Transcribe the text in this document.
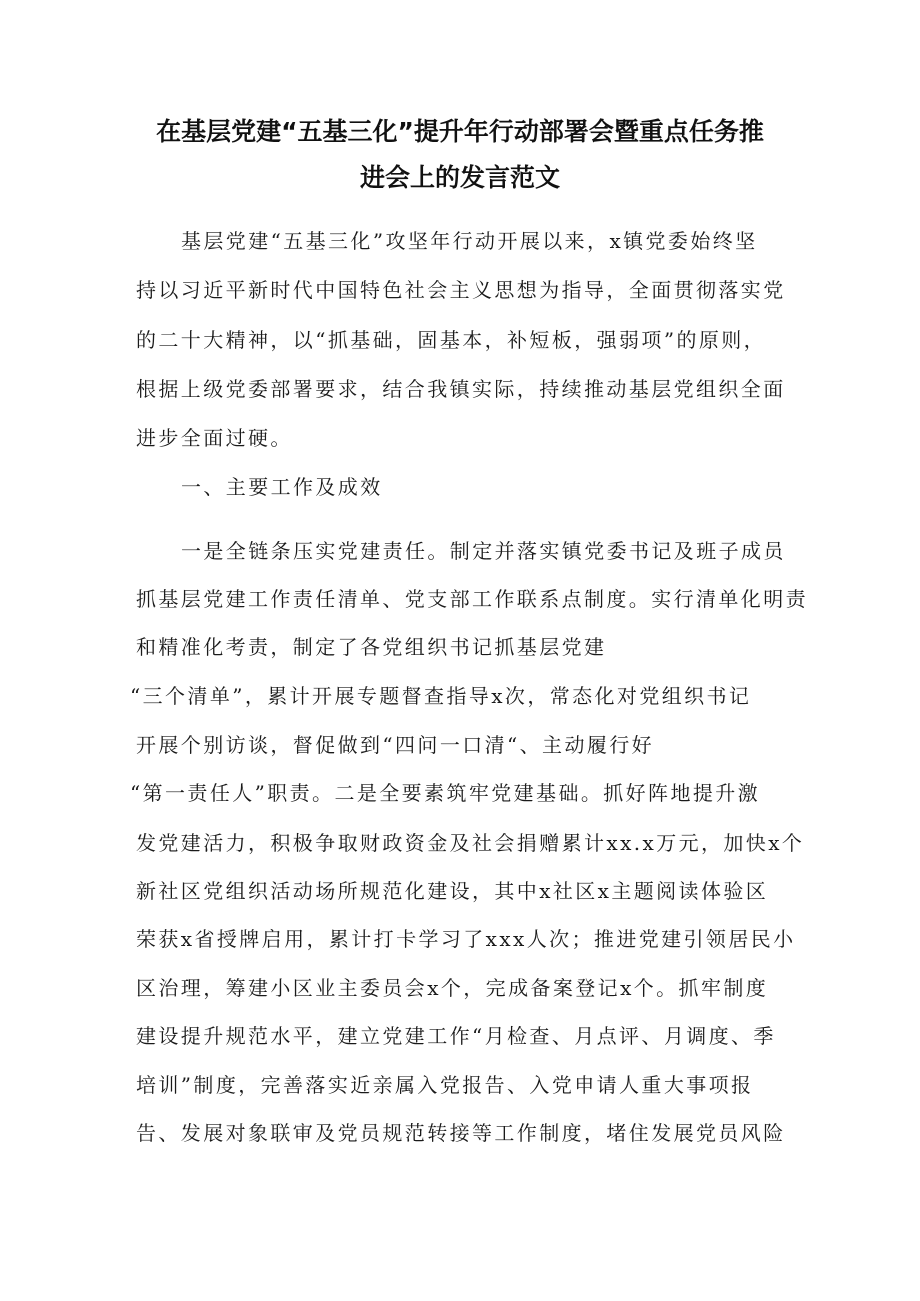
在基层党建“五基三化”提升年行动部署会暨重点任务推
进会上的发言范文

基层党建“五基三化”攻坚年行动开展以来，x镇党委始终坚

持以习近平新时代中国特色社会主义思想为指导，全面贯彻落实党

的二十大精神，以“抓基础，固基本，补短板，强弱项”的原则，

根据上级党委部署要求，结合我镇实际，持续推动基层党组织全面

进步全面过硬。

一、主要工作及成效

一是全链条压实党建责任。制定并落实镇党委书记及班子成员

抓基层党建工作责任清单、党支部工作联系点制度。实行清单化明责

和精准化考责，制定了各党组织书记抓基层党建

“三个清单”，累计开展专题督查指导x次，常态化对党组织书记

开展个别访谈，督促做到“四问一口清“、主动履行好

“第一责任人”职责。二是全要素筑牢党建基础。抓好阵地提升激

发党建活力，积极争取财政资金及社会捐赠累计xx.x万元，加快x个

新社区党组织活动场所规范化建设，其中x社区x主题阅读体验区

荣获x省授牌启用，累计打卡学习了xxx人次；推进党建引领居民小

区治理，筹建小区业主委员会x个，完成备案登记x个。抓牢制度

建设提升规范水平，建立党建工作“月检查、月点评、月调度、季

培训”制度，完善落实近亲属入党报告、入党申请人重大事项报

告、发展对象联审及党员规范转接等工作制度，堵住发展党员风险
